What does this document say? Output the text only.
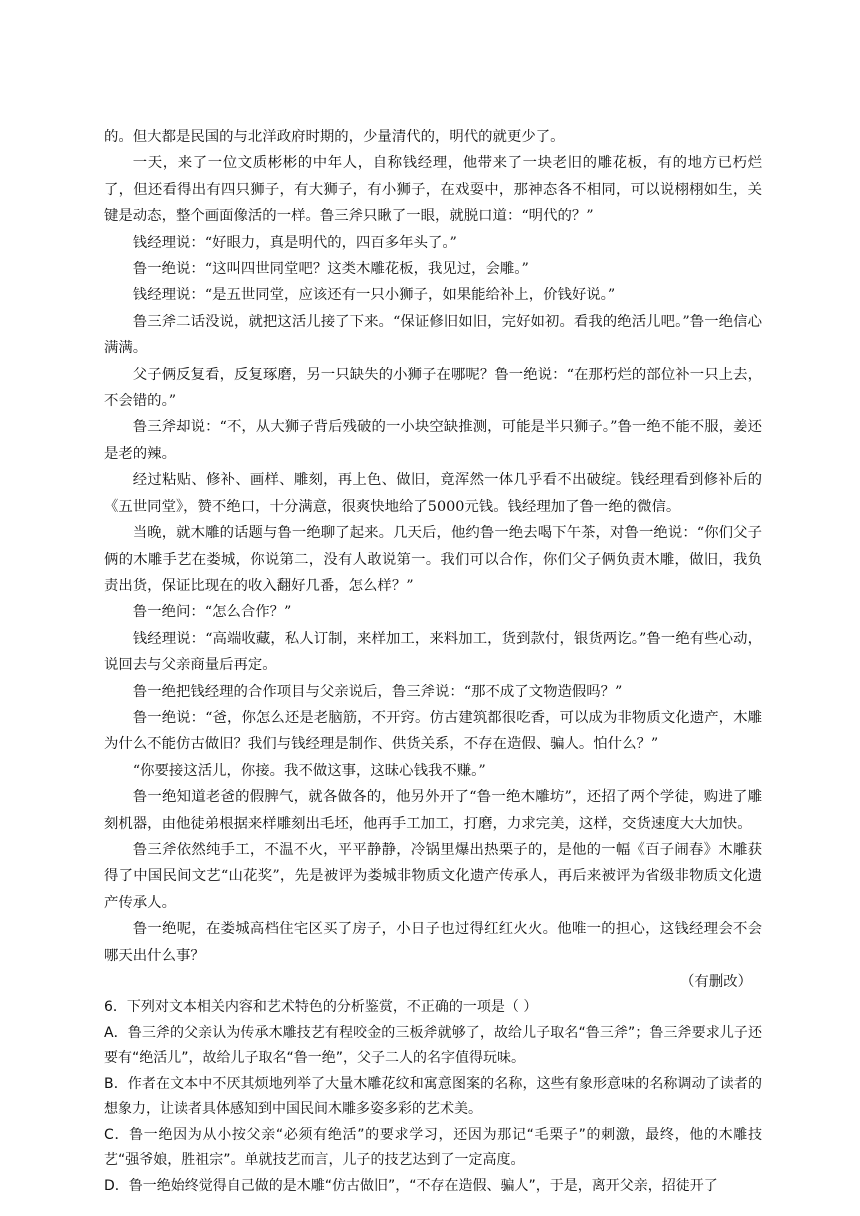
的。但大都是民国的与北洋政府时期的，少量清代的，明代的就更少了。

一天，来了一位文质彬彬的中年人，自称钱经理，他带来了一块老旧的雕花板，有的地方已朽烂了，但还看得出有四只狮子，有大狮子，有小狮子，在戏耍中，那神态各不相同，可以说栩栩如生，关键是动态，整个画面像活的一样。鲁三斧只瞅了一眼，就脱口道：“明代的？”

钱经理说：“好眼力，真是明代的，四百多年头了。”

鲁一绝说：“这叫四世同堂吧？这类木雕花板，我见过，会雕。”

钱经理说：“是五世同堂，应该还有一只小狮子，如果能给补上，价钱好说。”

鲁三斧二话没说，就把这活儿接了下来。“保证修旧如旧，完好如初。看我的绝活儿吧。”鲁一绝信心满满。

父子俩反复看，反复琢磨，另一只缺失的小狮子在哪呢？鲁一绝说：“在那朽烂的部位补一只上去，不会错的。”

鲁三斧却说：“不，从大狮子背后残破的一小块空缺推测，可能是半只狮子。”鲁一绝不能不服，姜还是老的辣。

经过粘贴、修补、画样、雕刻，再上色、做旧，竟浑然一体几乎看不出破绽。钱经理看到修补后的《五世同堂》，赞不绝口，十分满意，很爽快地给了5000元钱。钱经理加了鲁一绝的微信。

当晚，就木雕的话题与鲁一绝聊了起来。几天后，他约鲁一绝去喝下午茶，对鲁一绝说：“你们父子俩的木雕手艺在娄城，你说第二，没有人敢说第一。我们可以合作，你们父子俩负责木雕，做旧，我负责出货，保证比现在的收入翻好几番，怎么样？”

鲁一绝问：“怎么合作？”

钱经理说：“高端收藏，私人订制，来样加工，来料加工，货到款付，银货两讫。”鲁一绝有些心动，说回去与父亲商量后再定。

鲁一绝把钱经理的合作项目与父亲说后，鲁三斧说：“那不成了文物造假吗？”

鲁一绝说：“爸，你怎么还是老脑筋，不开窍。仿古建筑都很吃香，可以成为非物质文化遗产，木雕为什么不能仿古做旧？我们与钱经理是制作、供货关系，不存在造假、骗人。怕什么？”

“你要接这活儿，你接。我不做这事，这昧心钱我不赚。”

鲁一绝知道老爸的假脾气，就各做各的，他另外开了“鲁一绝木雕坊”，还招了两个学徒，购进了雕刻机器，由他徒弟根据来样雕刻出毛坯，他再手工加工，打磨，力求完美，这样，交货速度大大加快。

鲁三斧依然纯手工，不温不火，平平静静，冷锅里爆出热栗子的，是他的一幅《百子闹春》木雕获得了中国民间文艺“山花奖”，先是被评为娄城非物质文化遗产传承人，再后来被评为省级非物质文化遗产传承人。

鲁一绝呢，在娄城高档住宅区买了房子，小日子也过得红红火火。他唯一的担心，这钱经理会不会哪天出什么事？

（有删改）

6．下列对文本相关内容和艺术特色的分析鉴赏，不正确的一项是（ ）

A．鲁三斧的父亲认为传承木雕技艺有程咬金的三板斧就够了，故给儿子取名“鲁三斧”；鲁三斧要求儿子还要有“绝活儿”，故给儿子取名“鲁一绝”，父子二人的名字值得玩味。

B．作者在文本中不厌其烦地列举了大量木雕花纹和寓意图案的名称，这些有象形意味的名称调动了读者的想象力，让读者具体感知到中国民间木雕多姿多彩的艺术美。

C．鲁一绝因为从小按父亲“必须有绝活”的要求学习，还因为那记“毛栗子”的刺激，最终，他的木雕技艺“强爷娘，胜祖宗”。单就技艺而言，儿子的技艺达到了一定高度。

D．鲁一绝始终觉得自己做的是木雕“仿古做旧”，“不存在造假、骗人”，于是，离开父亲，招徒开了
